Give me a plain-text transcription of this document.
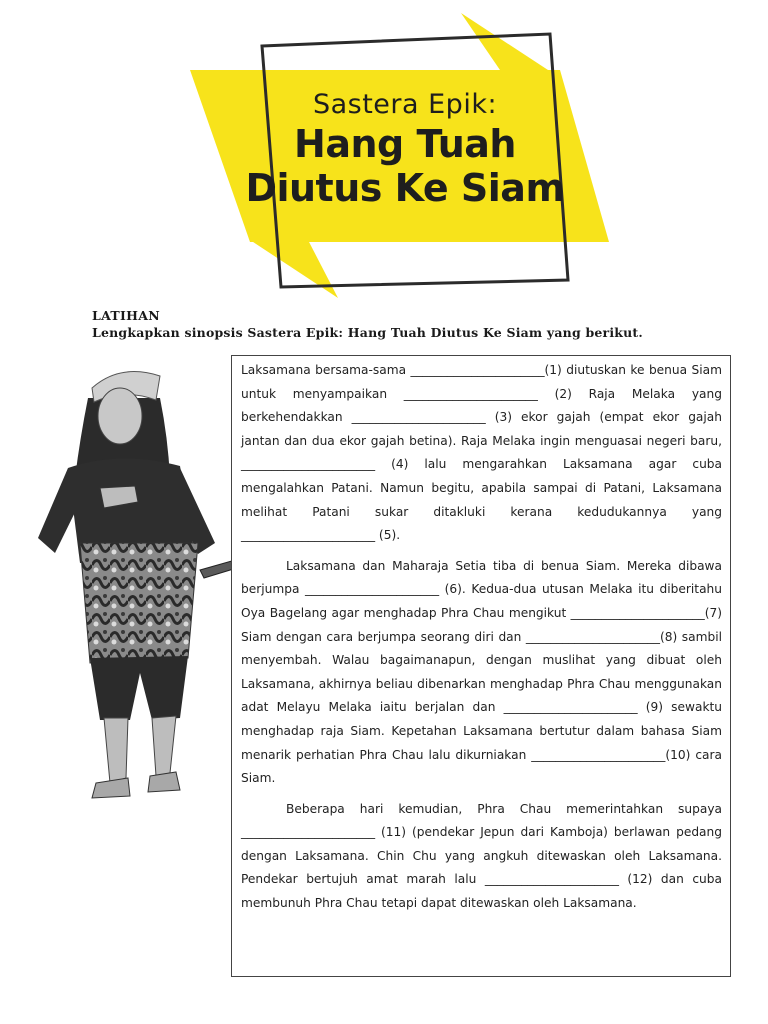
Sastera Epik:
Hang Tuah
Diutus Ke Siam
LATIHAN
Lengkapkan sinopsis Sastera Epik: Hang Tuah Diutus Ke Siam yang berikut.

Laksamana bersama-sama ______________________(1) diutuskan ke benua Siam untuk menyampaikan ______________________ (2) Raja Melaka yang berkehendakkan ______________________ (3) ekor gajah (empat ekor gajah jantan dan dua ekor gajah betina). Raja Melaka ingin menguasai negeri baru, ______________________ (4) lalu mengarahkan Laksamana agar cuba mengalahkan Patani. Namun begitu, apabila sampai di Patani, Laksamana melihat Patani sukar ditakluki kerana kedudukannya yang ______________________ (5).

Laksamana dan Maharaja Setia tiba di benua Siam. Mereka dibawa berjumpa ______________________ (6). Kedua-dua utusan Melaka itu diberitahu Oya Bagelang agar menghadap Phra Chau mengikut ______________________(7) Siam dengan cara berjumpa seorang diri dan ______________________(8) sambil menyembah. Walau bagaimanapun, dengan muslihat yang dibuat oleh Laksamana, akhirnya beliau dibenarkan menghadap Phra Chau menggunakan adat Melayu Melaka iaitu berjalan dan ______________________ (9) sewaktu menghadap raja Siam. Kepetahan Laksamana bertutur dalam bahasa Siam menarik perhatian Phra Chau lalu dikurniakan ______________________(10) cara Siam.

Beberapa hari kemudian, Phra Chau memerintahkan supaya ______________________ (11) (pendekar Jepun dari Kamboja) berlawan pedang dengan Laksamana. Chin Chu yang angkuh ditewaskan oleh Laksamana. Pendekar bertujuh amat marah lalu ______________________ (12) dan cuba membunuh Phra Chau tetapi dapat ditewaskan oleh Laksamana.
